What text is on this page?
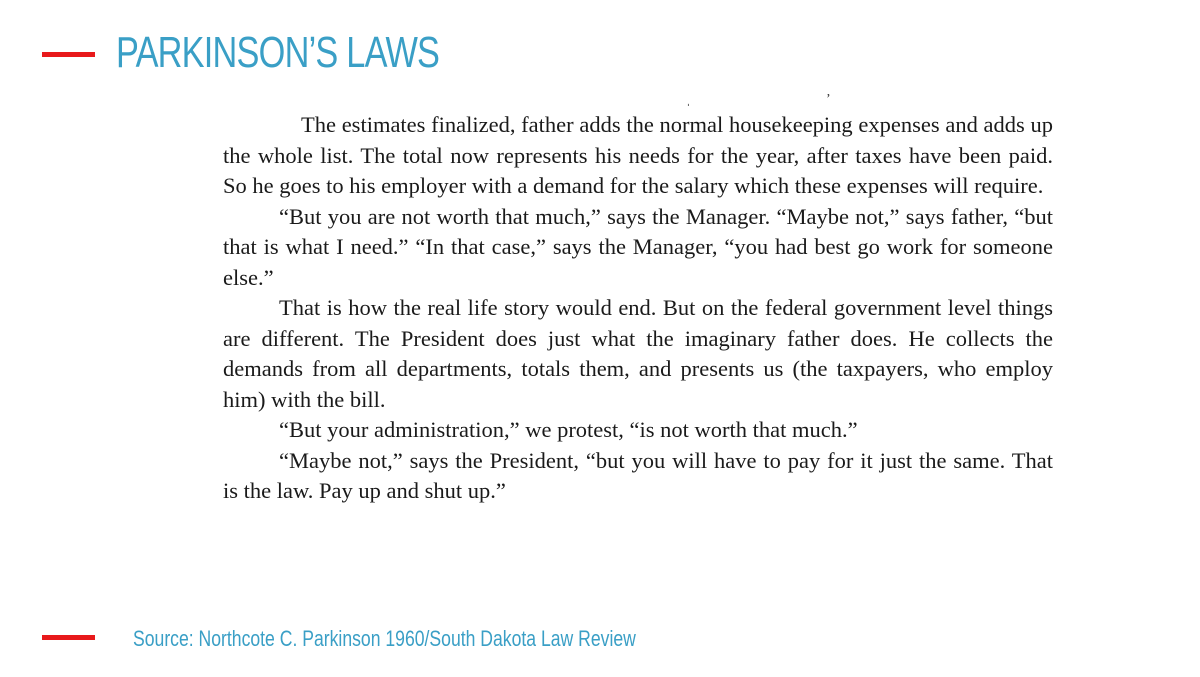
PARKINSON’S LAWS
ˌ	ʼ

The estimates finalized, father adds the normal housekeeping expenses and adds up the whole list. The total now represents his needs for the year, after taxes have been paid. So he goes to his employer with a demand for the salary which these expenses will require.

“But you are not worth that much,” says the Manager. “Maybe not,” says father, “but that is what I need.” “In that case,” says the Manager, “you had best go work for someone else.”

That is how the real life story would end. But on the federal government level things are different. The President does just what the imaginary father does. He collects the demands from all departments, totals them, and presents us (the taxpayers, who employ him) with the bill.

“But your administration,” we protest, “is not worth that much.”

“Maybe not,” says the President, “but you will have to pay for it just the same. That is the law. Pay up and shut up.”

Source: Northcote C. Parkinson 1960/South Dakota Law Review
